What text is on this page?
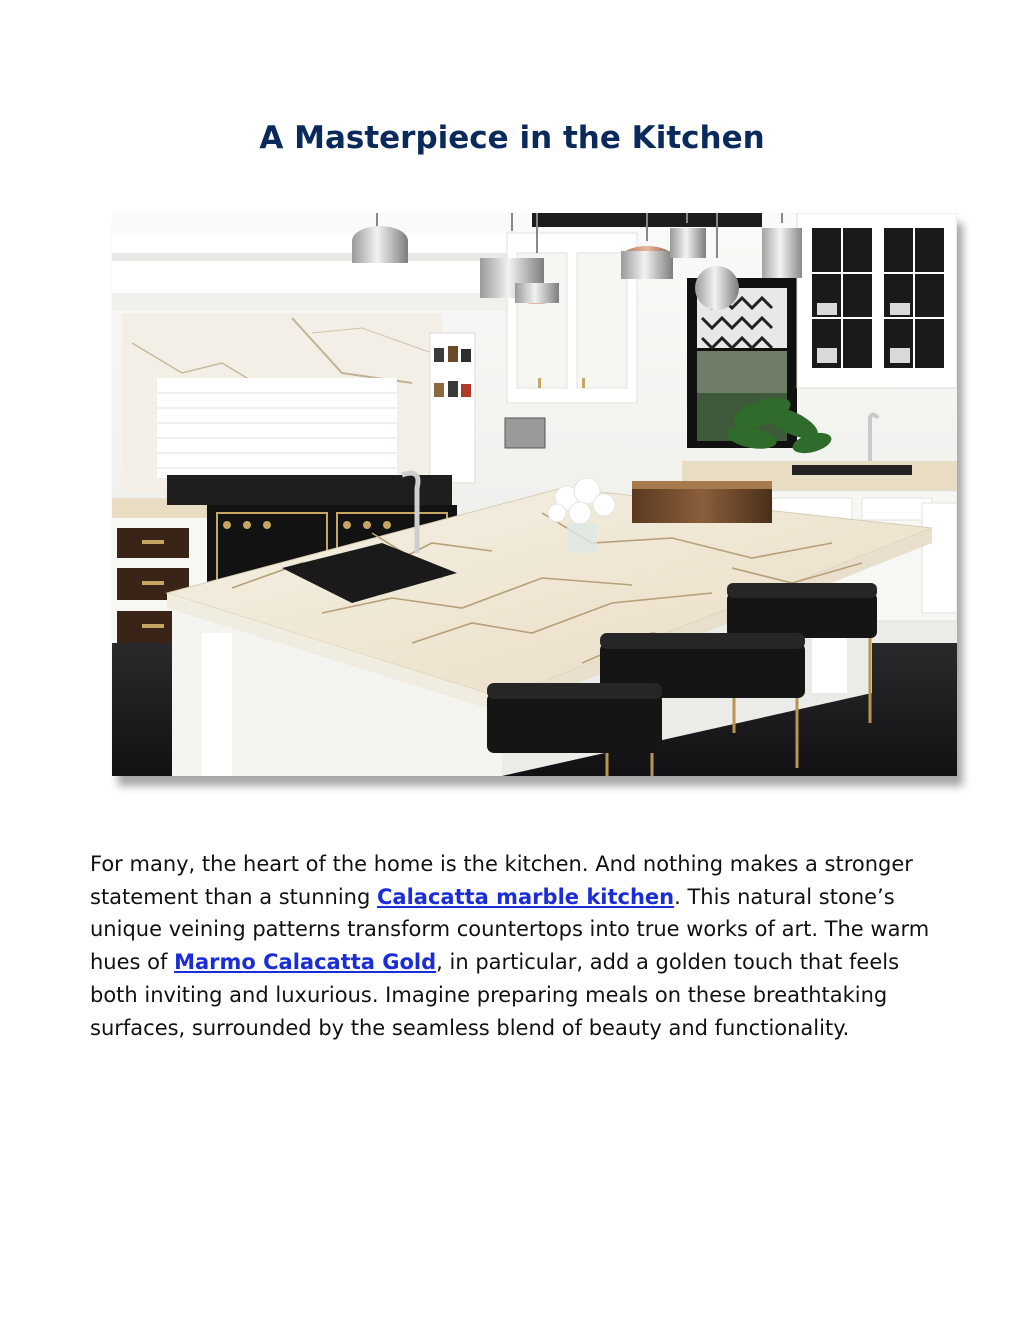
A Masterpiece in the Kitchen

For many, the heart of the home is the kitchen. And nothing makes a stronger statement than a stunning Calacatta marble kitchen. This natural stone’s unique veining patterns transform countertops into true works of art. The warm hues of Marmo Calacatta Gold, in particular, add a golden touch that feels both inviting and luxurious. Imagine preparing meals on these breathtaking surfaces, surrounded by the seamless blend of beauty and functionality.
